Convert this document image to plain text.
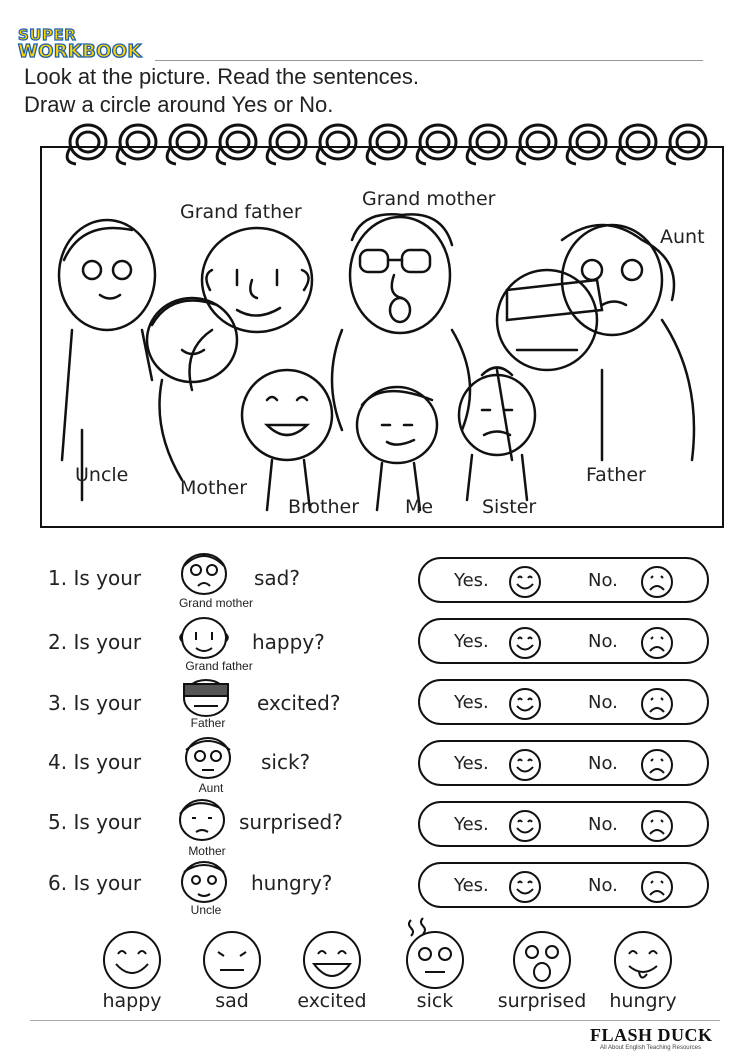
SUPER
WORKBOOK
Look at the picture. Read the sentences.
Draw a circle around Yes or No.
Grand father
Grand mother
Aunt
Uncle
Mother
Brother Me	Sister
Father
1. Is your	sad?
Grand mother
Yes.	No.
2. Is your	happy?
Grand father
Yes.	No.
3. Is your	excited?
Father
Yes.	No.
4. Is your	sick?
Aunt
Yes.	No.
5. Is your	surprised?
Mother
Yes.	No.
6. Is your	hungry?
Uncle
Yes.	No.
happy	sad	excited	sick	surprised	hungry
FLASH DUCK
All About English Teaching Resources
